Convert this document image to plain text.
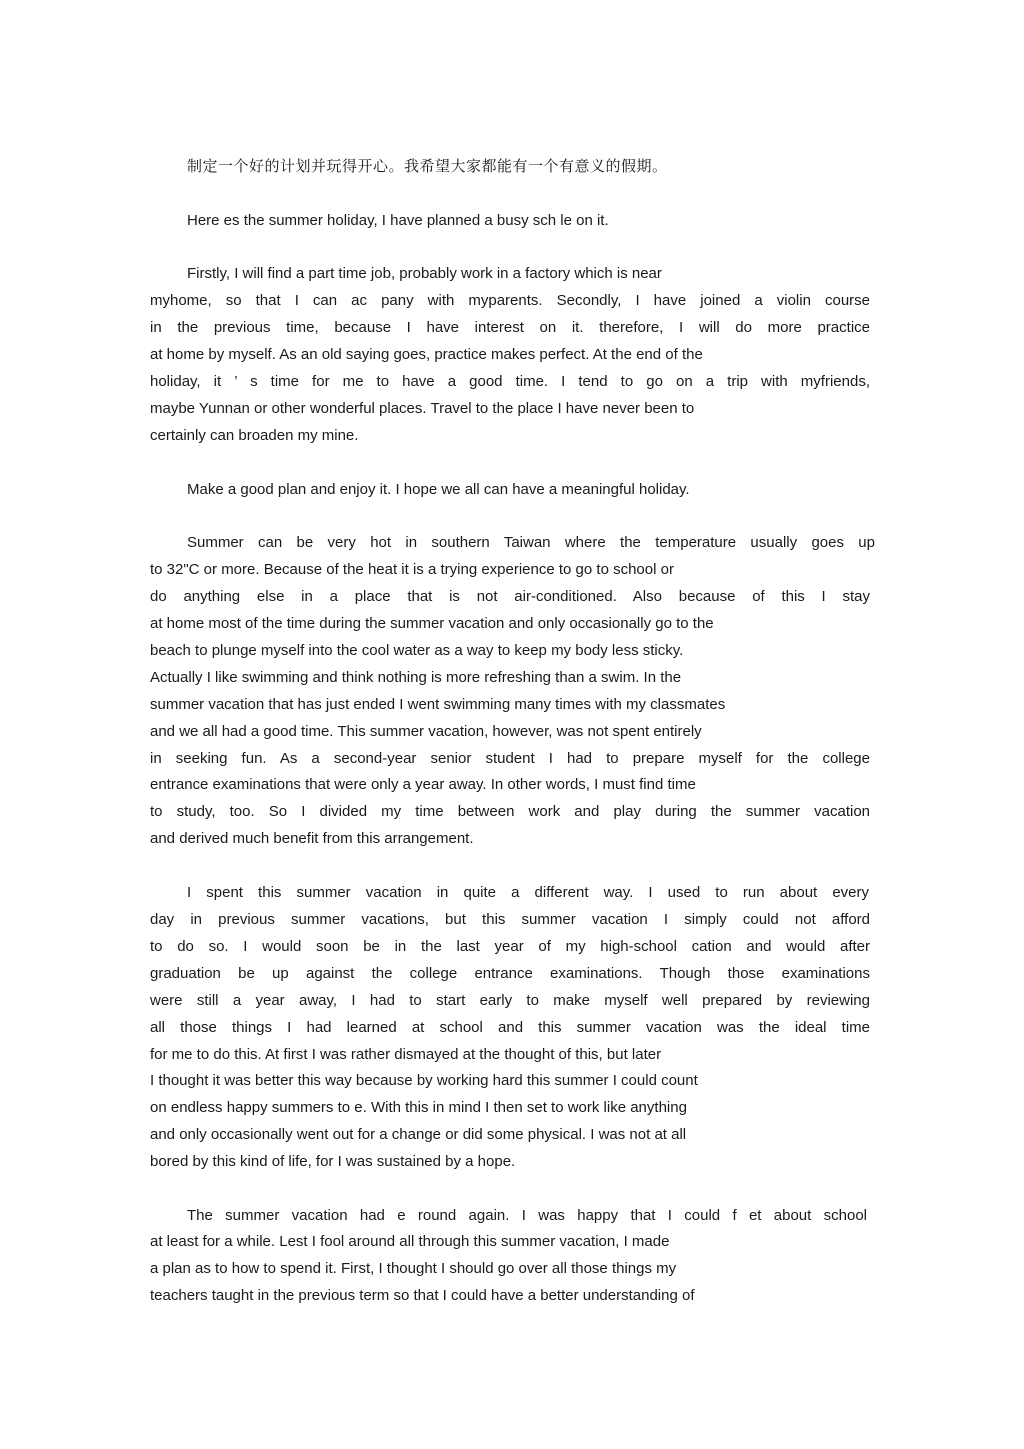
制定一个好的计划并玩得开心。我希望大家都能有一个有意义的假期。
Here es the summer holiday, I have planned a busy sch le on it.
Firstly, I will find a part time job, probably work in a factory which is near
myhome, so that I can ac pany with myparents. Secondly, I have joined a violin course
in the previous time, because I have interest on it. therefore, I will do more practice
at home by myself. As an old saying goes, practice makes perfect. At the end of the
holiday, it ’ s time for me to have a good time. I tend to go on a trip with myfriends,
maybe Yunnan or other wonderful places. Travel to the place I have never been to
certainly can broaden my mine.
Make a good plan and enjoy it. I hope we all can have a meaningful holiday.
Summer can be very hot in southern Taiwan where the temperature usually goes up
to 32"C or more. Because of the heat it is a trying experience to go to school or
do anything else in a place that is not air-conditioned. Also because of this I stay
at home most of the time during the summer vacation and only occasionally go to the
beach to plunge myself into the cool water as a way to keep my body less sticky.
Actually I like swimming and think nothing is more refreshing than a swim. In the
summer vacation that has just ended I went swimming many times with my classmates
and we all had a good time. This summer vacation, however, was not spent entirely
in seeking fun. As a second-year senior student I had to prepare myself for the college
entrance examinations that were only a year away. In other words, I must find time
to study, too. So I divided my time between work and play during the summer vacation
and derived much benefit from this arrangement.
I spent this summer vacation in quite a different way. I used to run about every
day in previous summer vacations, but this summer vacation I simply could not afford
to do so. I would soon be in the last year of my high-school cation and would after
graduation be up against the college entrance examinations. Though those examinations
were still a year away, I had to start early to make myself well prepared by reviewing
all those things I had learned at school and this summer vacation was the ideal time
for me to do this. At first I was rather dismayed at the thought of this, but later
I thought it was better this way because by working hard this summer I could count
on endless happy summers to e. With this in mind I then set to work like anything
and only occasionally went out for a change or did some physical. I was not at all
bored by this kind of life, for I was sustained by a hope.
The summer vacation had e round again. I was happy that I could f et about school
at least for a while. Lest I fool around all through this summer vacation, I made
a plan as to how to spend it. First, I thought I should go over all those things my
teachers taught in the previous term so that I could have a better understanding of
